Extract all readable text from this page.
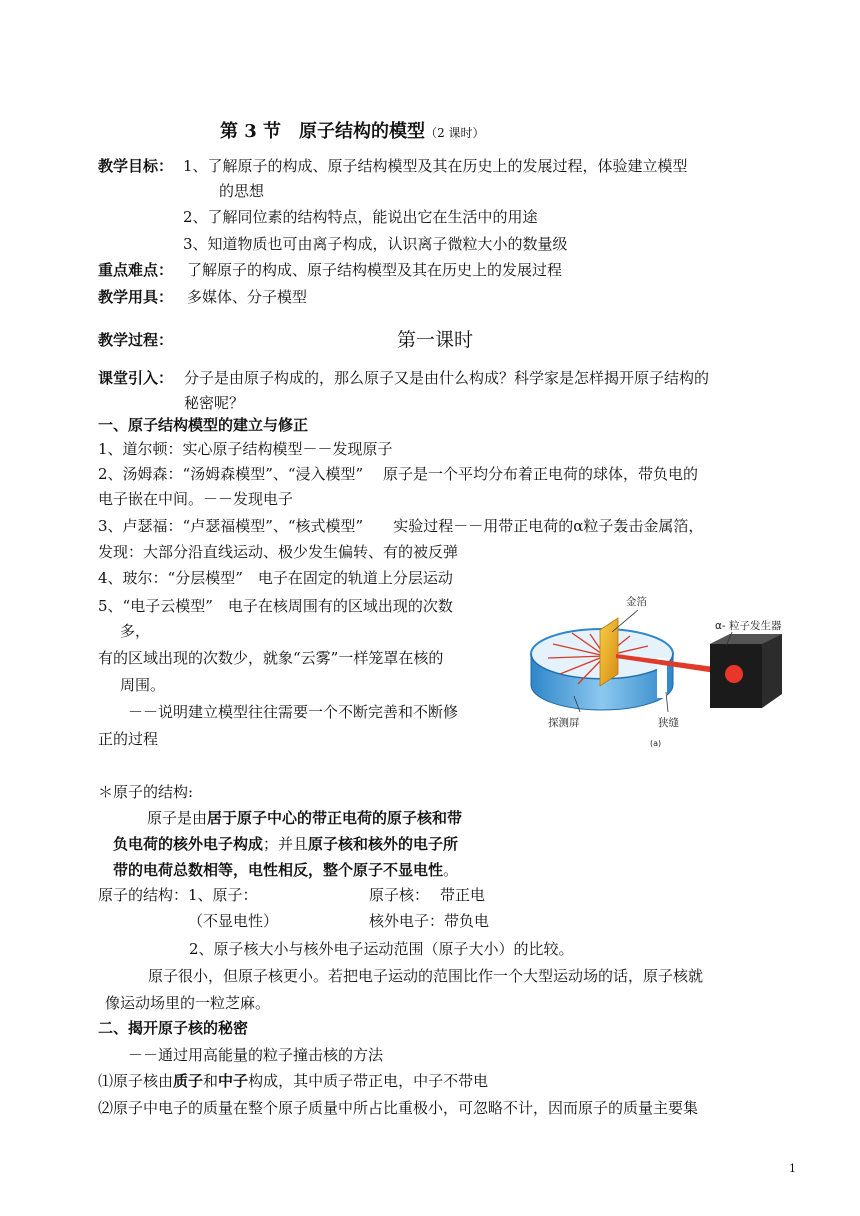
第 3 节　原子结构的模型（2 课时）
教学目标： 1、了解原子的构成、原子结构模型及其在历史上的发展过程，体验建立模型
的思想
2、了解同位素的结构特点，能说出它在生活中的用途
3、知道物质也可由离子构成，认识离子微粒大小的数量级
重点难点： 了解原子的构成、原子结构模型及其在历史上的发展过程
教学用具： 多媒体、分子模型
教学过程：	第一课时
课堂引入： 分子是由原子构成的，那么原子又是由什么构成？科学家是怎样揭开原子结构的
秘密呢？
一、原子结构模型的建立与修正
1、道尔顿：实心原子结构模型－－发现原子
2、汤姆森：“汤姆森模型”、“浸入模型”　 原子是一个平均分布着正电荷的球体，带负电的
电子嵌在中间。－－发现电子
3、卢瑟福：“卢瑟福模型”、“核式模型”　　实验过程－－用带正电荷的α粒子轰击金属箔，
发现：大部分沿直线运动、极少发生偏转、有的被反弹
4、玻尔：“分层模型”　电子在固定的轨道上分层运动
5、“电子云模型”　电子在核周围有的区域出现的次数
多，
有的区域出现的次数少，就象“云雾”一样笼罩在核的
周围。
－－说明建立模型往往需要一个不断完善和不断修
正的过程
金箔
α- 粒子发生器
探测屏	狭缝
(a)
＊原子的结构:
原子是由居于原子中心的带正电荷的原子核和带
负电荷的核外电子构成；并且原子核和核外的电子所
带的电荷总数相等，电性相反，整个原子不显电性。
原子的结构：1、原子：	原子核： 带正电
（不显电性）	核外电子：带负电
2、原子核大小与核外电子运动范围（原子大小）的比较。
原子很小，但原子核更小。若把电子运动的范围比作一个大型运动场的话，原子核就
像运动场里的一粒芝麻。
二、揭开原子核的秘密
－－通过用高能量的粒子撞击核的方法
⑴原子核由质子和中子构成，其中质子带正电，中子不带电
⑵原子中电子的质量在整个原子质量中所占比重极小，可忽略不计，因而原子的质量主要集
1
